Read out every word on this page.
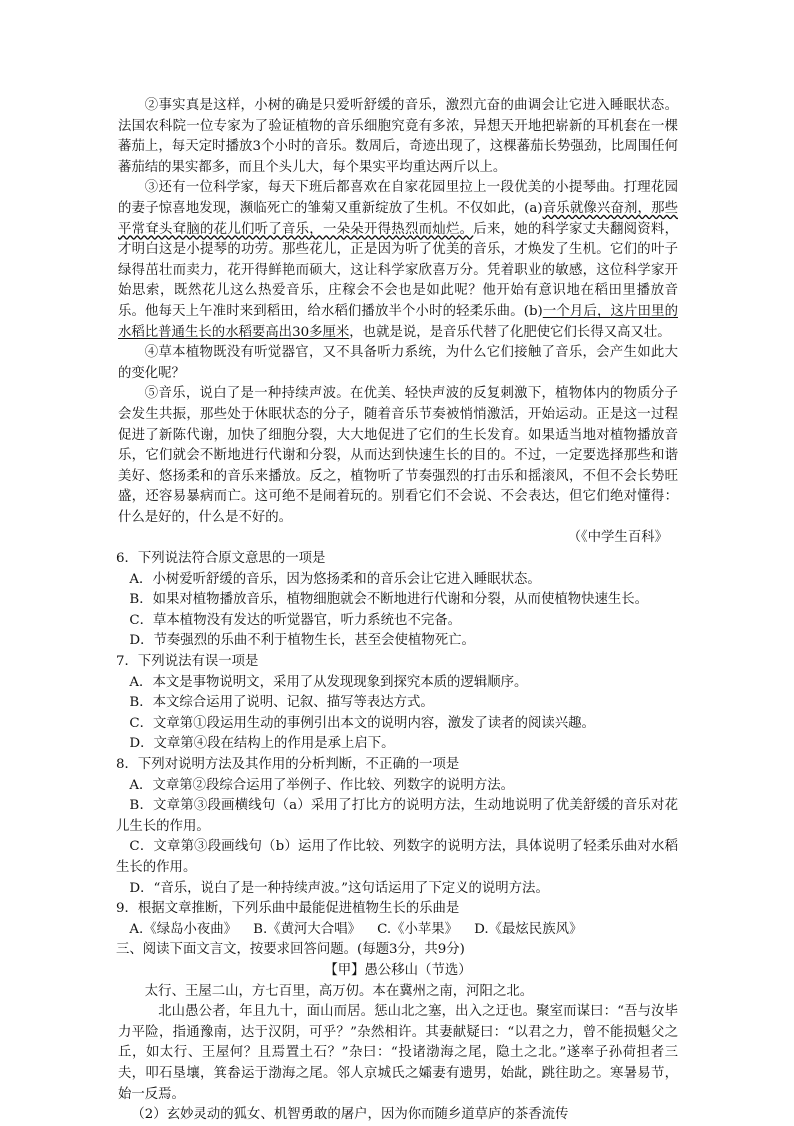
②事实真是这样，小树的确是只爱听舒缓的音乐，激烈亢奋的曲调会让它进入睡眠状态。法国农科院一位专家为了验证植物的音乐细胞究竟有多浓，异想天开地把崭新的耳机套在一棵蕃茄上，每天定时播放3个小时的音乐。数周后，奇迹出现了，这棵蕃茄长势强劲，比周围任何蕃茄结的果实都多，而且个头儿大，每个果实平均重达两斤以上。

③还有一位科学家，每天下班后都喜欢在自家花园里拉上一段优美的小提琴曲。打理花园的妻子惊喜地发现，濒临死亡的雏菊又重新绽放了生机。不仅如此，(a)音乐就像兴奋剂，那些平常耷头耷脑的花儿们听了音乐，一朵朵开得热烈而灿烂。后来，她的科学家丈夫翻阅资料，才明白这是小提琴的功劳。那些花儿，正是因为听了优美的音乐，才焕发了生机。它们的叶子绿得茁壮而卖力，花开得鲜艳而硕大，这让科学家欣喜万分。凭着职业的敏感，这位科学家开始思索，既然花儿这么热爱音乐，庄稼会不会也是如此呢？他开始有意识地在稻田里播放音乐。他每天上午准时来到稻田，给水稻们播放半个小时的轻柔乐曲。(b)一个月后，这片田里的水稻比普通生长的水稻要高出30多厘米，也就是说，是音乐代替了化肥使它们长得又高又壮。

④草本植物既没有听觉器官，又不具备听力系统，为什么它们接触了音乐，会产生如此大的变化呢？

⑤音乐，说白了是一种持续声波。在优美、轻快声波的反复刺激下，植物体内的物质分子会发生共振，那些处于休眠状态的分子，随着音乐节奏被悄悄激活，开始运动。正是这一过程促进了新陈代谢，加快了细胞分裂，大大地促进了它们的生长发育。如果适当地对植物播放音乐，它们就会不断地进行代谢和分裂，从而达到快速生长的目的。不过，一定要选择那些和谐美好、悠扬柔和的音乐来播放。反之，植物听了节奏强烈的打击乐和摇滚风，不但不会长势旺盛，还容易暴病而亡。这可绝不是闹着玩的。别看它们不会说、不会表达，但它们绝对懂得：什么是好的，什么是不好的。

（《中学生百科》

6．下列说法符合原文意思的一项是

A．小树爱听舒缓的音乐，因为悠扬柔和的音乐会让它进入睡眠状态。

B．如果对植物播放音乐，植物细胞就会不断地进行代谢和分裂，从而使植物快速生长。

C．草本植物没有发达的听觉器官，听力系统也不完备。

D．节奏强烈的乐曲不利于植物生长，甚至会使植物死亡。

7．下列说法有误一项是

A．本文是事物说明文，采用了从发现现象到探究本质的逻辑顺序。

B．本文综合运用了说明、记叙、描写等表达方式。

C．文章第①段运用生动的事例引出本文的说明内容，激发了读者的阅读兴趣。

D．文章第④段在结构上的作用是承上启下。

8．下列对说明方法及其作用的分析判断，不正确的一项是

A．文章第②段综合运用了举例子、作比较、列数字的说明方法。

B．文章第③段画横线句（a）采用了打比方的说明方法，生动地说明了优美舒缓的音乐对花儿生长的作用。

C．文章第③段画线句（b）运用了作比较、列数字的说明方法，具体说明了轻柔乐曲对水稻生长的作用。

D．“音乐，说白了是一种持续声波。”这句话运用了下定义的说明方法。

9．根据文章推断，下列乐曲中最能促进植物生长的乐曲是

A.《绿岛小夜曲》 B.《黄河大合唱》 C.《小苹果》 D.《最炫民族风》

三、阅读下面文言文，按要求回答问题。(每题3分，共9分)

【甲】愚公移山（节选）

太行、王屋二山，方七百里，高万仞。本在冀州之南，河阳之北。

北山愚公者，年且九十，面山而居。惩山北之塞，出入之迂也。聚室而谋曰：“吾与汝毕力平险，指通豫南，达于汉阴，可乎？”杂然相许。其妻献疑曰：“以君之力，曾不能损魁父之丘，如太行、王屋何？且焉置土石？”杂曰：“投诸渤海之尾，隐土之北。”遂率子孙荷担者三夫，叩石垦壤，箕畚运于渤海之尾。邻人京城氏之孀妻有遗男，始龀，跳往助之。寒暑易节，始一反焉。

（2）玄妙灵动的狐女、机智勇敢的屠户，因为你而随乡道草庐的茶香流传
